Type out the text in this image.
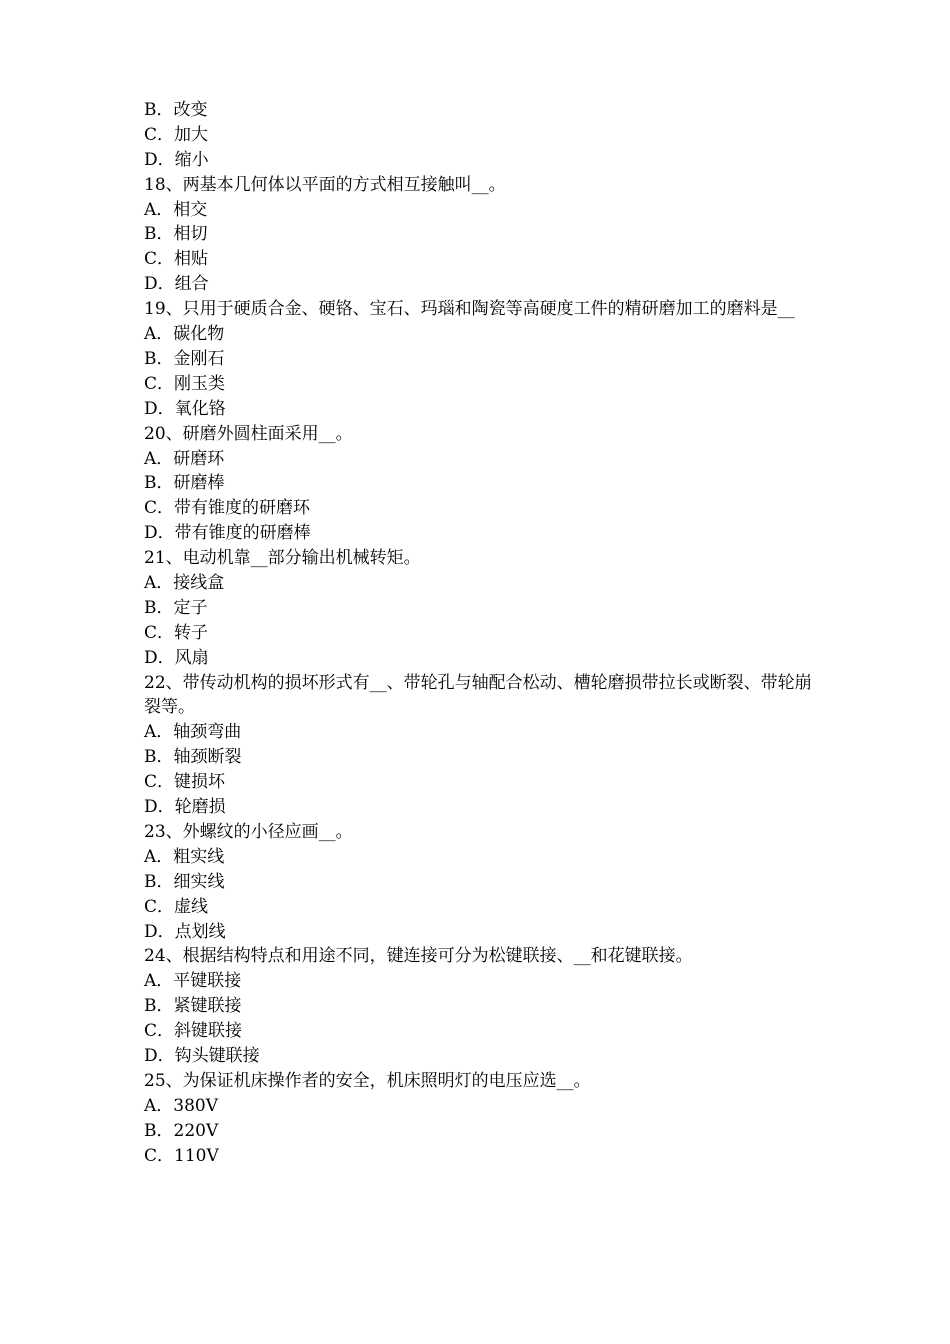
B．改变
C．加大
D．缩小
18、两基本几何体以平面的方式相互接触叫__。
A．相交
B．相切
C．相贴
D．组合
19、只用于硬质合金、硬铬、宝石、玛瑙和陶瓷等高硬度工件的精研磨加工的磨料是__
A．碳化物
B．金刚石
C．刚玉类
D．氧化铬
20、研磨外圆柱面采用__。
A．研磨环
B．研磨棒
C．带有锥度的研磨环
D．带有锥度的研磨棒
21、电动机靠__部分输出机械转矩。
A．接线盒
B．定子
C．转子
D．风扇
22、带传动机构的损坏形式有__、带轮孔与轴配合松动、槽轮磨损带拉长或断裂、带轮崩裂等。
A．轴颈弯曲
B．轴颈断裂
C．键损坏
D．轮磨损
23、外螺纹的小径应画__。
A．粗实线
B．细实线
C．虚线
D．点划线
24、根据结构特点和用途不同，键连接可分为松键联接、__和花键联接。
A．平键联接
B．紧键联接
C．斜键联接
D．钩头键联接
25、为保证机床操作者的安全，机床照明灯的电压应选__。
A．380V
B．220V
C．110V
